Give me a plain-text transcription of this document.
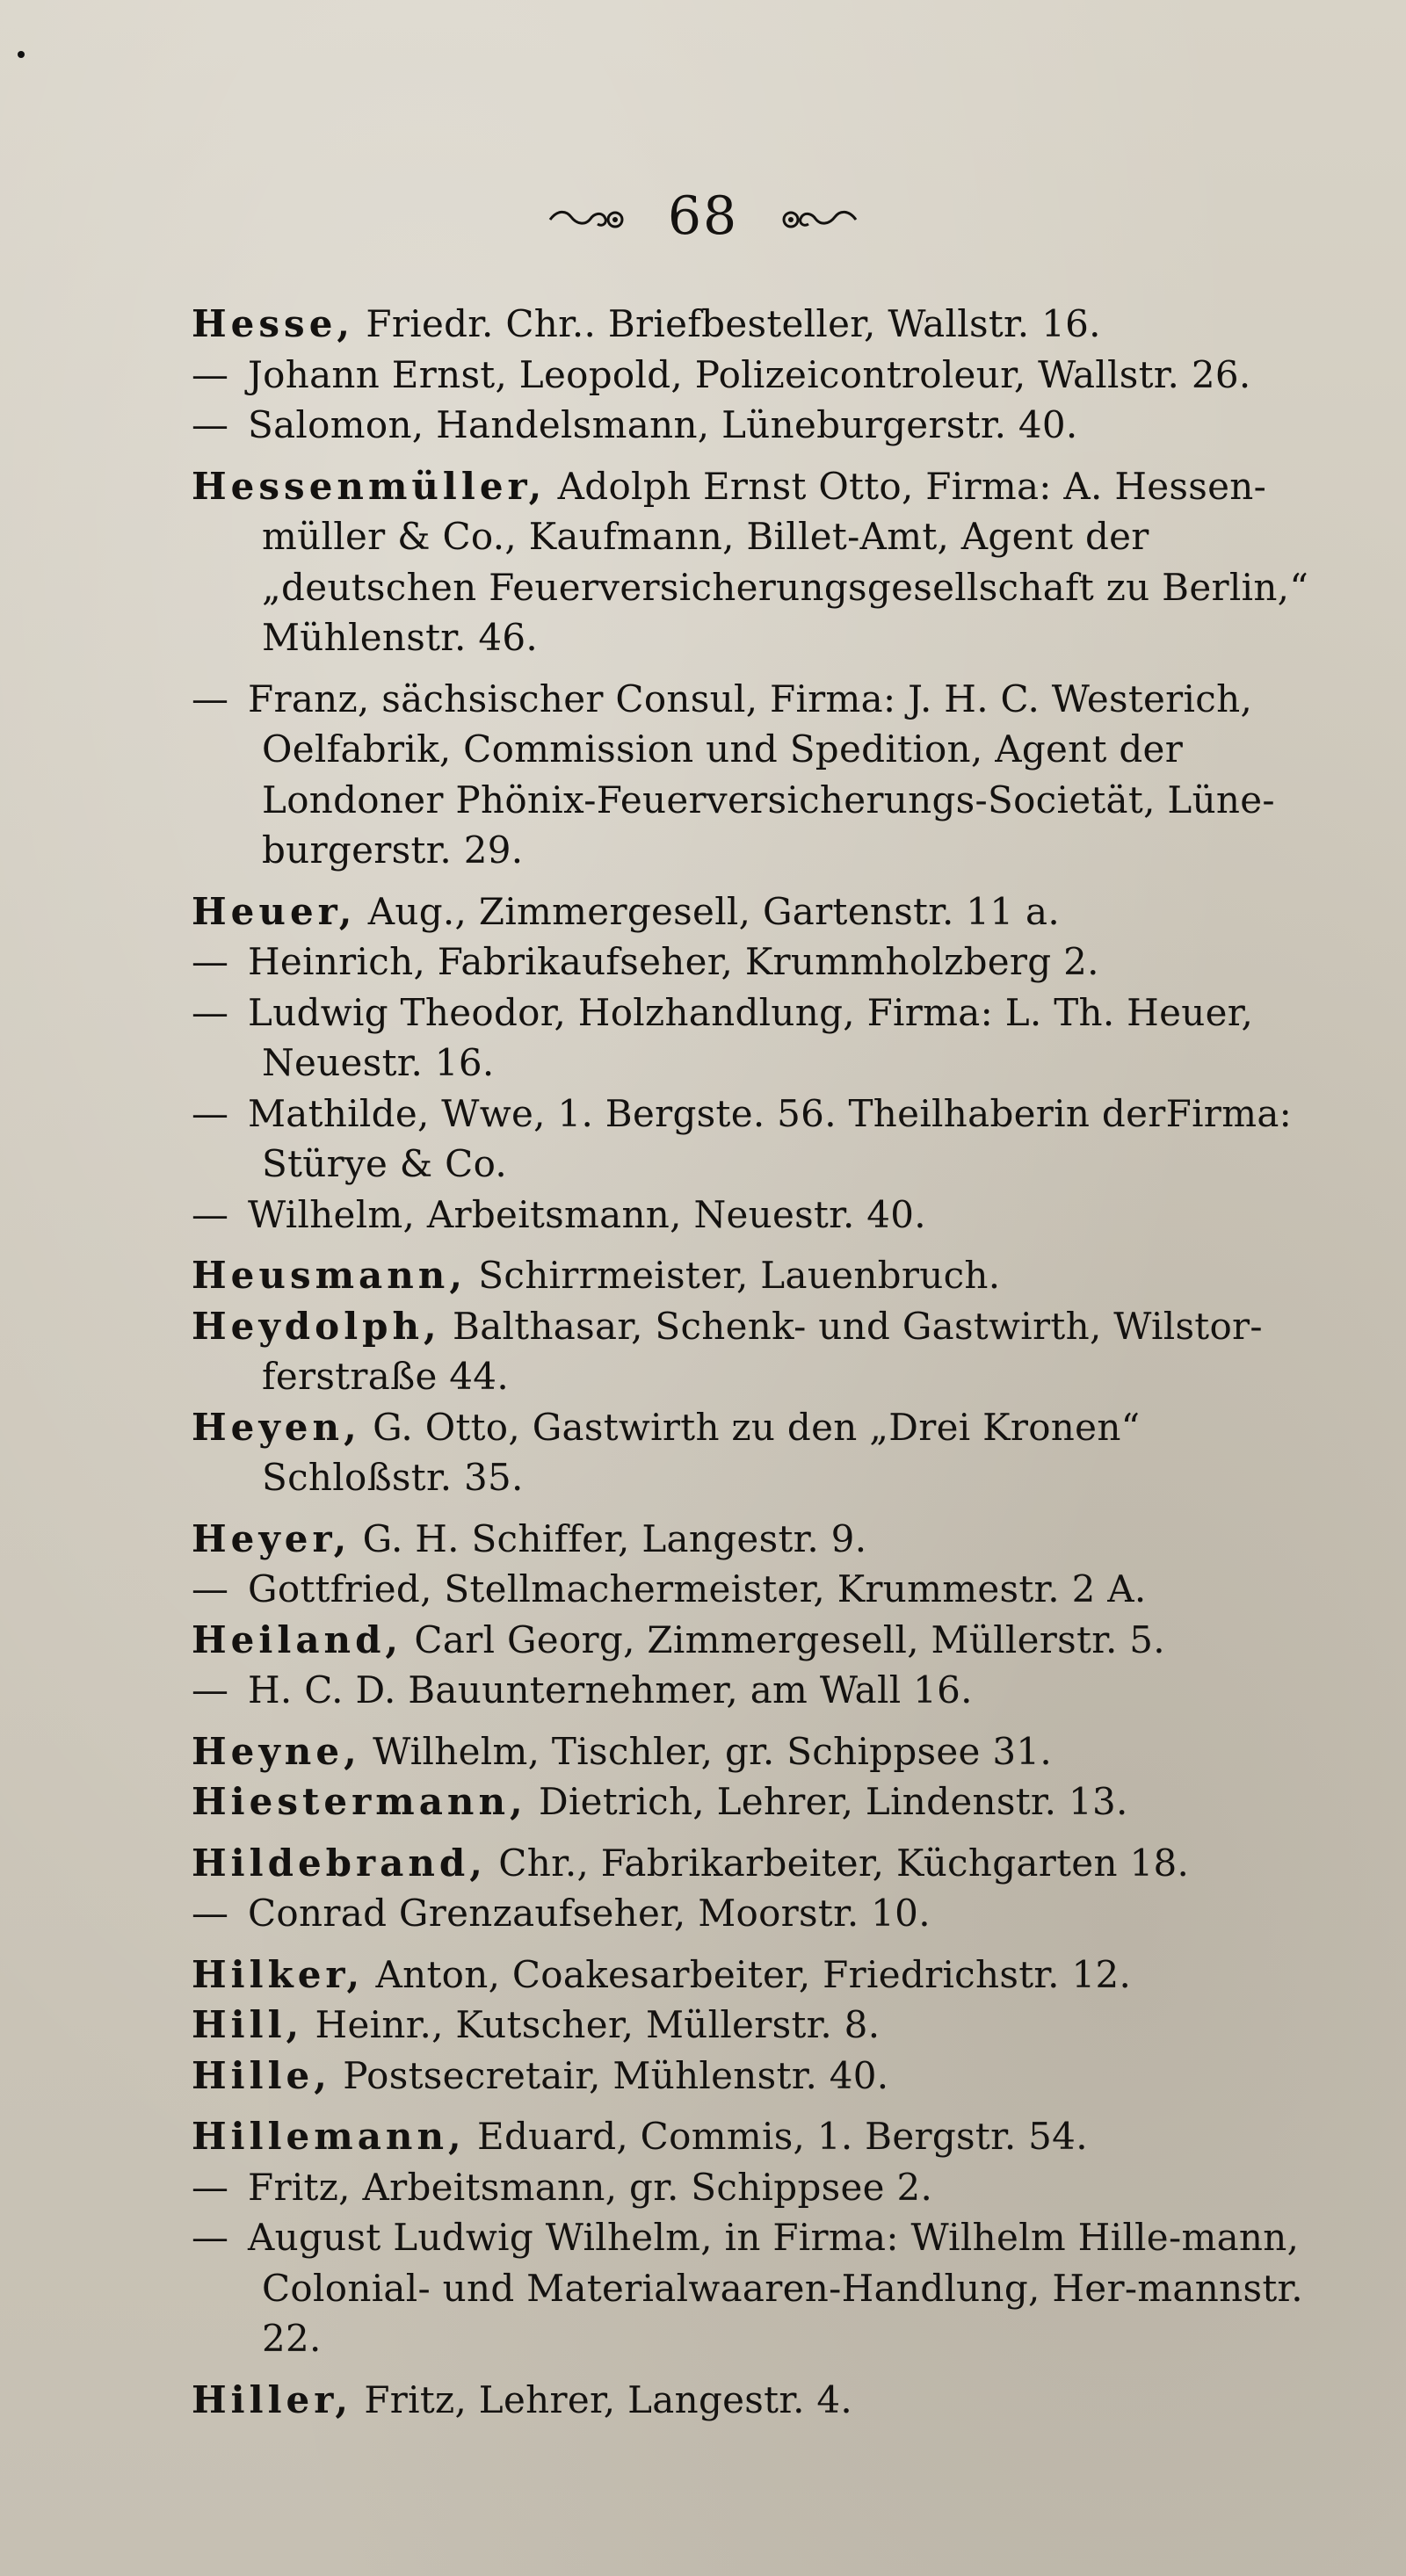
68

Hesse, Friedr. Chr.. Briefbesteller, Wallstr. 16.

— Johann Ernst, Leopold, Polizeicontroleur, Wallstr. 26.

— Salomon, Handelsmann, Lüneburgerstr. 40.

Hessenmüller, Adolph Ernst Otto, Firma: A. Hessen-müller & Co., Kaufmann, Billet-Amt, Agent der „deutschen Feuerversicherungsgesellschaft zu Berlin,“ Mühlenstr. 46.

— Franz, sächsischer Consul, Firma: J. H. C. Westerich, Oelfabrik, Commission und Spedition, Agent der Londoner Phönix-Feuerversicherungs-Societät, Lüne-burgerstr. 29.

Heuer, Aug., Zimmergesell, Gartenstr. 11 a.

— Heinrich, Fabrikaufseher, Krummholzberg 2.

— Ludwig Theodor, Holzhandlung, Firma: L. Th. Heuer, Neuestr. 16.

— Mathilde, Wwe, 1. Bergste. 56. Theilhaberin derFirma: Stürye & Co.

— Wilhelm, Arbeitsmann, Neuestr. 40.

Heusmann, Schirrmeister, Lauenbruch.

Heydolph, Balthasar, Schenk- und Gastwirth, Wilstor-ferstraße 44.

Heyen, G. Otto, Gastwirth zu den „Drei Kronen“ Schloßstr. 35.

Heyer, G. H. Schiffer, Langestr. 9.

— Gottfried, Stellmachermeister, Krummestr. 2 A.

Heiland, Carl Georg, Zimmergesell, Müllerstr. 5.

— H. C. D. Bauunternehmer, am Wall 16.

Heyne, Wilhelm, Tischler, gr. Schippsee 31.

Hiestermann, Dietrich, Lehrer, Lindenstr. 13.

Hildebrand, Chr., Fabrikarbeiter, Küchgarten 18.

— Conrad Grenzaufseher, Moorstr. 10.

Hilker, Anton, Coakesarbeiter, Friedrichstr. 12.

Hill, Heinr., Kutscher, Müllerstr. 8.

Hille, Postsecretair, Mühlenstr. 40.

Hillemann, Eduard, Commis, 1. Bergstr. 54.

— Fritz, Arbeitsmann, gr. Schippsee 2.

— August Ludwig Wilhelm, in Firma: Wilhelm Hille-mann, Colonial- und Materialwaaren-Handlung, Her-mannstr. 22.

Hiller, Fritz, Lehrer, Langestr. 4.
